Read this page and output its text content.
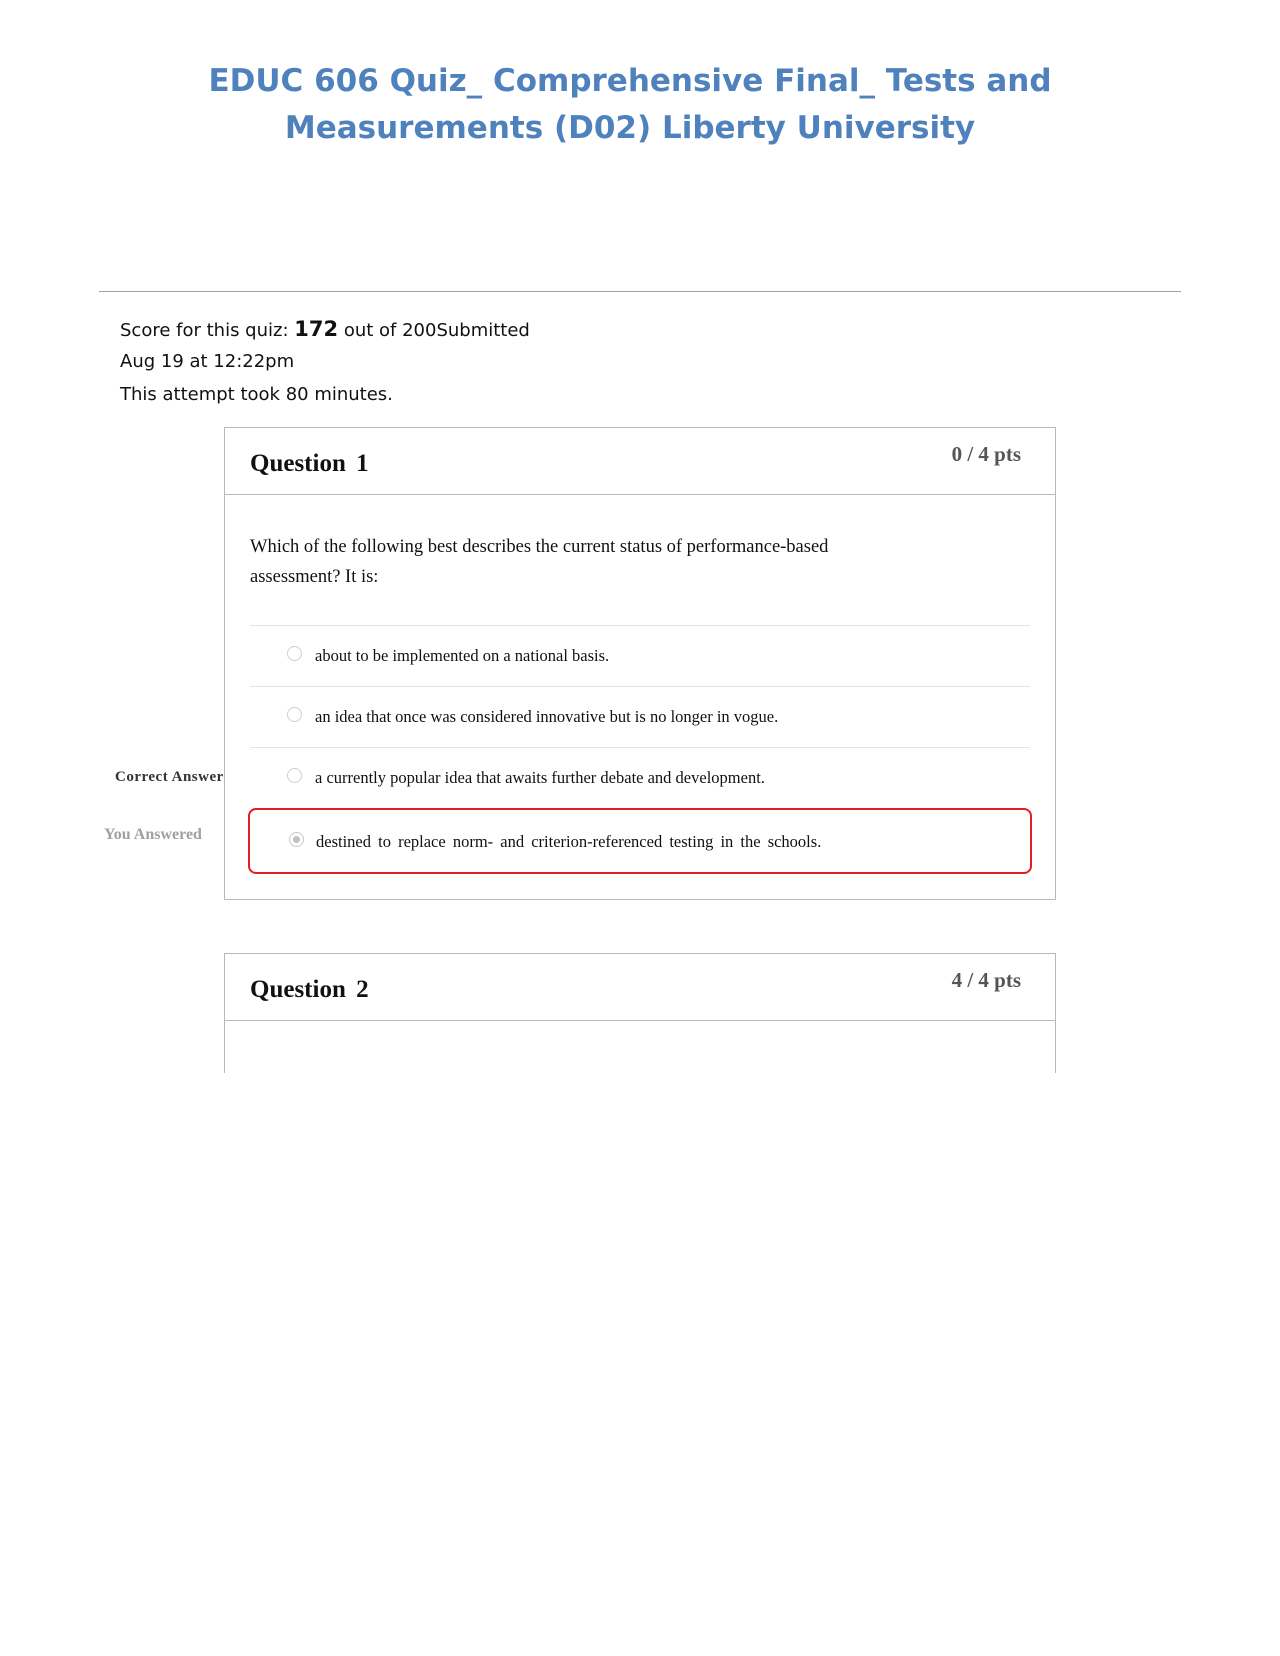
EDUC 606 Quiz_ Comprehensive Final_ Tests and Measurements (D02) Liberty University
Score for this quiz: 172 out of 200Submitted
Aug 19 at 12:22pm
This attempt took 80 minutes.
Question 1	0 / 4 pts
Which of the following best describes the current status of performance-based assessment? It is:
about to be implemented on a national basis.
an idea that once was considered innovative but is no longer in vogue.
a currently popular idea that awaits further debate and development.
destined to replace norm- and criterion-referenced testing in the schools.
Correct Answer
You Answered
Question 2	4 / 4 pts
